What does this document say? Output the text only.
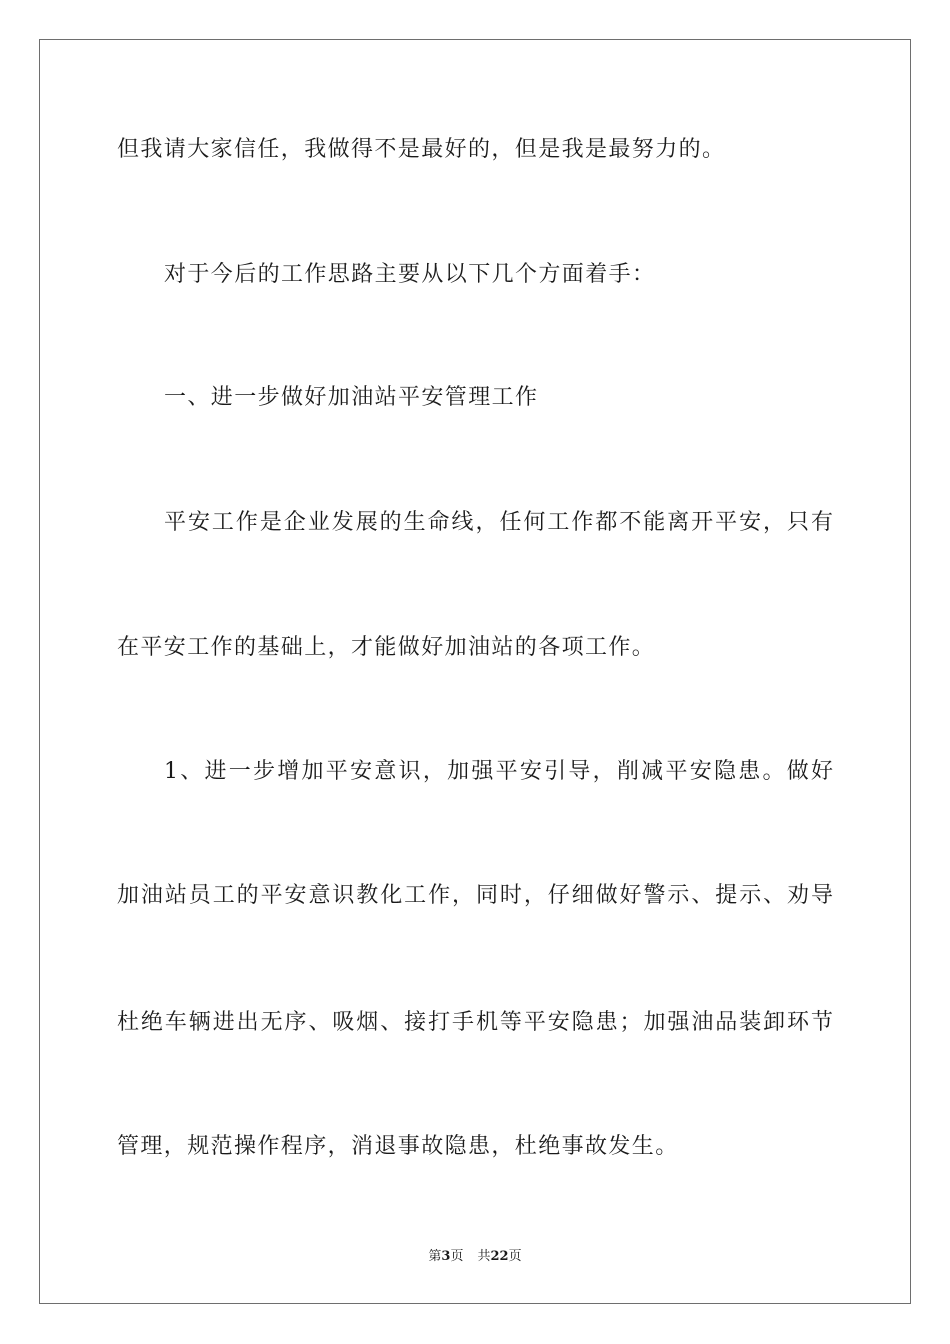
但我请大家信任，我做得不是最好的，但是我是最努力的。
对于今后的工作思路主要从以下几个方面着手：
一、进一步做好加油站平安管理工作
平安工作是企业发展的生命线，任何工作都不能离开平安，只有
在平安工作的基础上，才能做好加油站的各项工作。
1、进一步增加平安意识，加强平安引导，削减平安隐患。做好
加油站员工的平安意识教化工作，同时，仔细做好警示、提示、劝导
杜绝车辆进出无序、吸烟、接打手机等平安隐患；加强油品装卸环节
管理，规范操作程序，消退事故隐患，杜绝事故发生。
第3页 共22页
